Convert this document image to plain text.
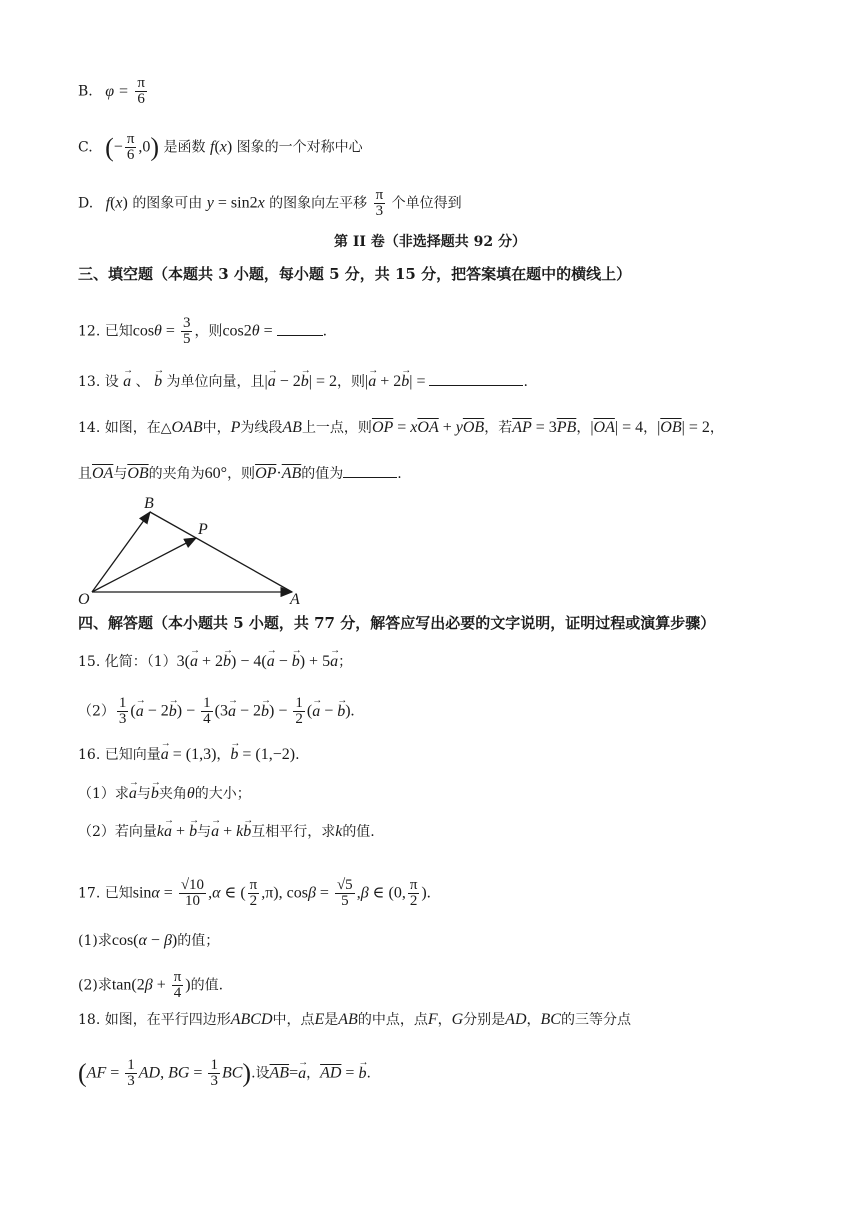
B. $\varphi = \frac{\pi}{6}$
C. (− $\frac{\pi}{6} ,0$) 是函数 f(x) 图象的一个对称中心
D. f(x) 的图象可由 y = sin2x 的图象向左平移 $\frac{\pi}{3}$ 个单位得到
第 II 卷（非选择题共 92 分）
三、填空题（本题共 3 小题，每小题 5 分，共 15 分，把答案填在题中的横线上）
12. 已知$\cos\theta = \frac{3}{5}$ ，则cos2θ =	.
13. 设 → a 、 → b 为单位向量，且|→ a − 2→ b| = 2，则|→ a + 2→ b| =	.
14. 如图，在△OAB中，P为线段AB上一点，则$\overline{OP} = x\overline{OA} + y\overline{OB}$，若$\overline{AP} = 3\overline{PB}$，$|\overline{OA}| = 4$，$|\overline{OB}| = 2$，
且$\overline{OA}$与$\overline{OB}$的夹角为60°，则$\overline{OP}\cdot\overline{AB}$的值为	.
B
P
O	A
四、解答题（本小题共 5 小题，共 77 分，解答应写出必要的文字说明，证明过程或演算步骤）
15. 化简：（1）3(→ a + 2→ b) − 4(→ a − → b) + 5→ a；
$(2) \frac{1}{3}$ (→ $a - 2\to b) - \frac{1}{4} (3\to a - 2\to b) - \frac{1}{2}$ (→ a − → b).
16. 已知向量→ a = (1,3)，→ b = (1,−2).
（1）求→ a与→ b夹角θ的大小；
（2）若向量k→ a + → b与→ a + k→ b互相平行，求k的值.
17. 已知$\sin\alpha = \frac{√10}{10} ,\alpha$ ∈ ( $\frac{\pi}{2} ,\pi$), $\cos\beta = \frac{√5}{5} ,\beta$ ∈ (0, $\frac{\pi}{2}$ ).
(1)求cos(α − β)的值；
(2)求$\tan(2\beta + \frac{\pi}{4}$ )的值.
18. 如图，在平行四边形ABCD中，点E是AB的中点，点F，G分别是AD，BC的三等分点
($AF = \frac{1}{3}$ AD, BG = $\frac{1}{3} BC$).设$\overline{AB}=\to a$，$\overline{AD}$ = → b.
